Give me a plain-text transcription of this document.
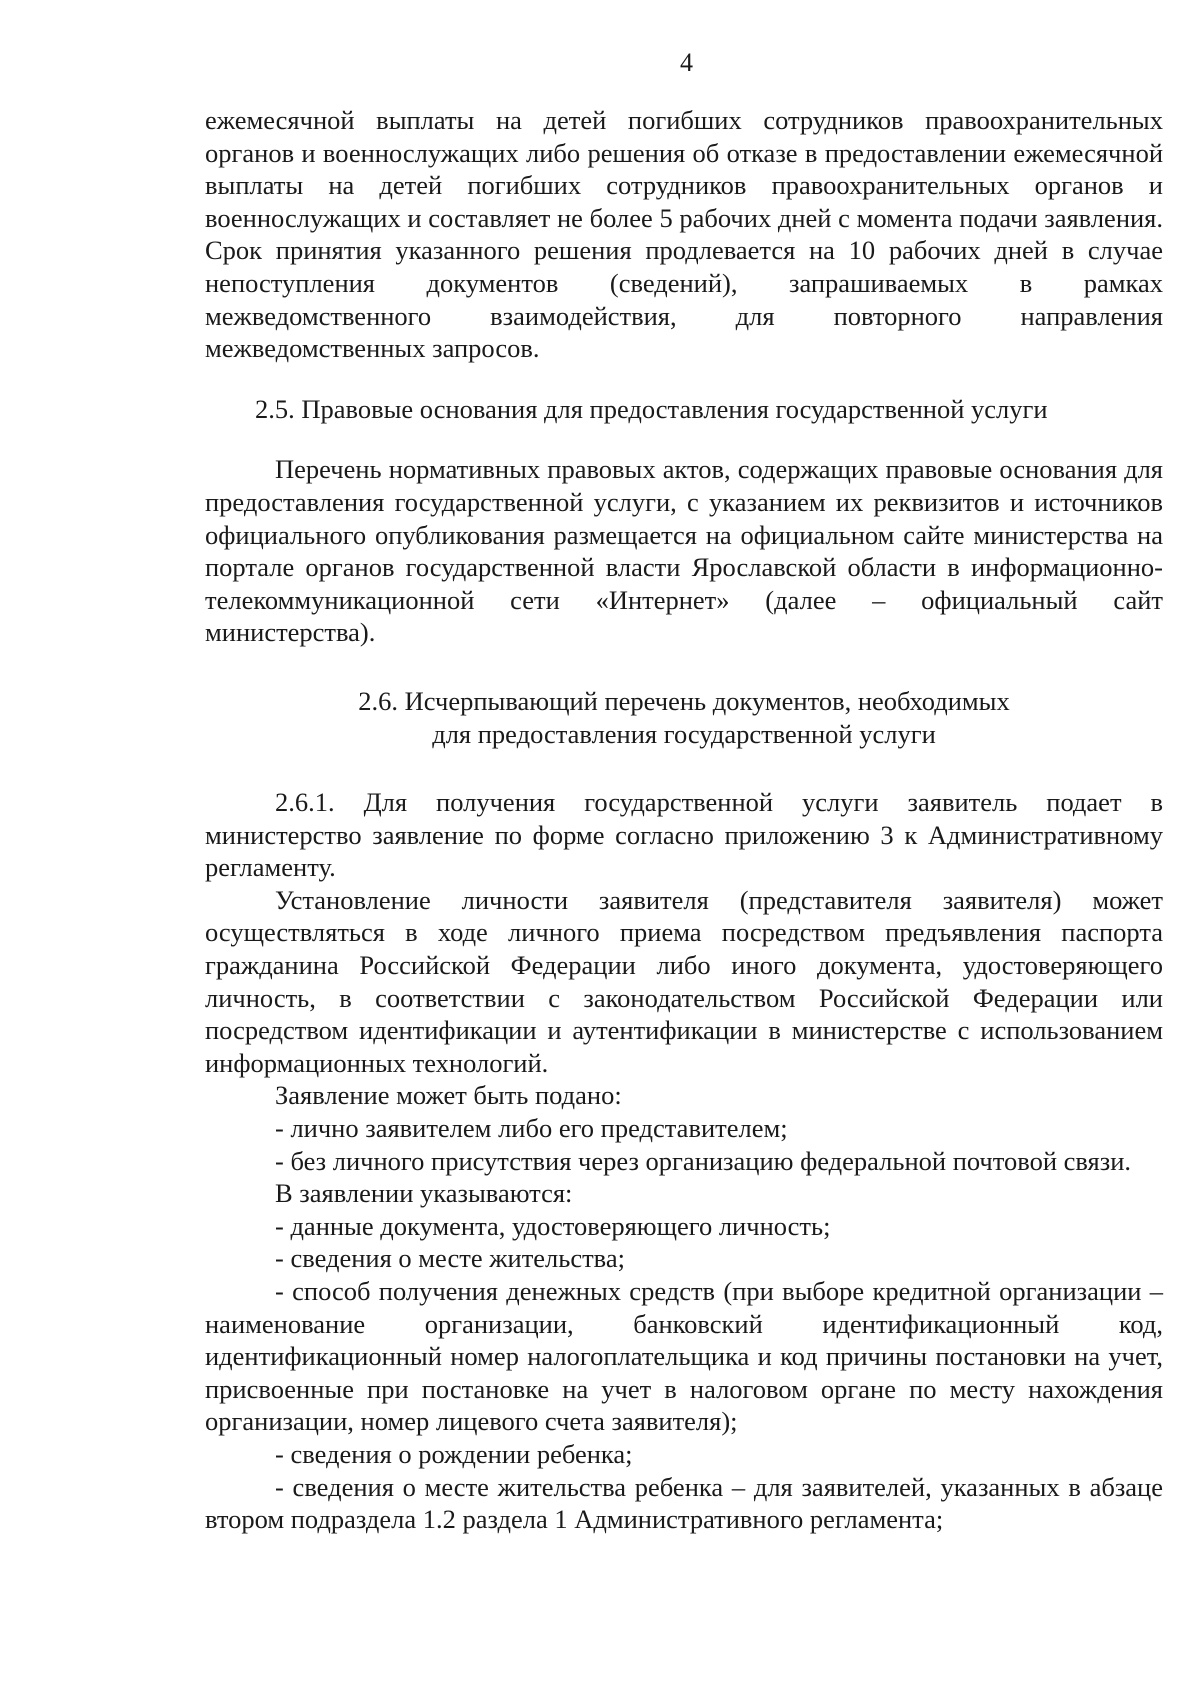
4

ежемесячной выплаты на детей погибших сотрудников правоохранительных органов и военнослужащих либо решения об отказе в предоставлении ежемесячной выплаты на детей погибших сотрудников правоохранительных органов и военнослужащих и составляет не более 5 рабочих дней с момента подачи заявления. Срок принятия указанного решения продлевается на 10 рабочих дней в случае непоступления документов (сведений), запрашиваемых в рамках межведомственного взаимодействия, для повторного направления межведомственных запросов.

2.5. Правовые основания для предоставления государственной услуги

Перечень нормативных правовых актов, содержащих правовые основания для предоставления государственной услуги, с указанием их реквизитов и источников официального опубликования размещается на официальном сайте министерства на портале органов государственной власти Ярославской области в информационно-телекоммуникационной сети «Интернет» (далее – официальный сайт министерства).

2.6. Исчерпывающий перечень документов, необходимых
для предоставления государственной услуги

2.6.1. Для получения государственной услуги заявитель подает в министерство заявление по форме согласно приложению 3 к Административному регламенту.

Установление личности заявителя (представителя заявителя) может осуществляться в ходе личного приема посредством предъявления паспорта гражданина Российской Федерации либо иного документа, удостоверяющего личность, в соответствии с законодательством Российской Федерации или посредством идентификации и аутентификации в министерстве с использованием информационных технологий.

Заявление может быть подано:

- лично заявителем либо его представителем;

- без личного присутствия через организацию федеральной почтовой связи.

В заявлении указываются:

- данные документа, удостоверяющего личность;

- сведения о месте жительства;

- способ получения денежных средств (при выборе кредитной организации – наименование организации, банковский идентификационный код, идентификационный номер налогоплательщика и код причины постановки на учет, присвоенные при постановке на учет в налоговом органе по месту нахождения организации, номер лицевого счета заявителя);

- сведения о рождении ребенка;

- сведения о месте жительства ребенка – для заявителей, указанных в абзаце втором подраздела 1.2 раздела 1 Административного регламента;
